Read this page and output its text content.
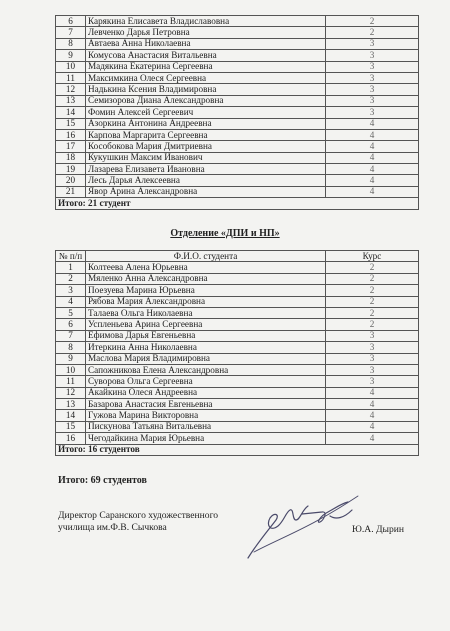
6	Карякина Елисавета Владиславовна	2
7	Левченко Дарья Петровна	2
8	Автаева Анна Николаевна	3
9	Комусова Анастасия Витальевна	3
10	Мадякина Екатерина Сергеевна	3
11	Максимкина Олеся Сергеевна	3
12	Надькина Ксения Владимировна	3
13	Семизорова Диана Александровна	3
14	Фомин Алексей Сергеевич	3
15	Азоркина Антонина Андреевна	4
16	Карпова Маргарита Сергеевна	4
17	Кособокова Мария Дмитриевна	4
18	Кукушкин Максим Иванович	4
19	Лазарева Елизавета Ивановна	4
20	Лесь Дарья Алексеевна	4
21	Явор Арина Александровна	4
Итого: 21 студент		
Отделение «ДПИ и НП»
№ п/п	Ф.И.О. студента	Курс
1	Колтеева Алена Юрьевна	2
2	Мяленко Анна Александровна	2
3	Поезуева Марина Юрьевна	2
4	Рябова Мария Александровна	2
5	Талаева Ольга Николаевна	2
6	Успленьева Арина Сергеевна	2
7	Ефимова Дарья Евгеньевна	3
8	Итеркина Анна Николаевна	3
9	Маслова Мария Владимировна	3
10	Сапожникова Елена Александровна	3
11	Суворова Ольга Сергеевна	3
12	Акайкина Олеся Андреевна	4
13	Базарова Анастасия Евгеньевна	4
14	Гужова Марина Викторовна	4
15	Пискунова Татьяна Витальевна	4
16	Чегодайкина Мария Юрьевна	4
Итого: 16 студентов		
Итого: 69 студентов
Директор Саранского художественного
училища им.Ф.В. Сычкова	Ю.А. Дырин
